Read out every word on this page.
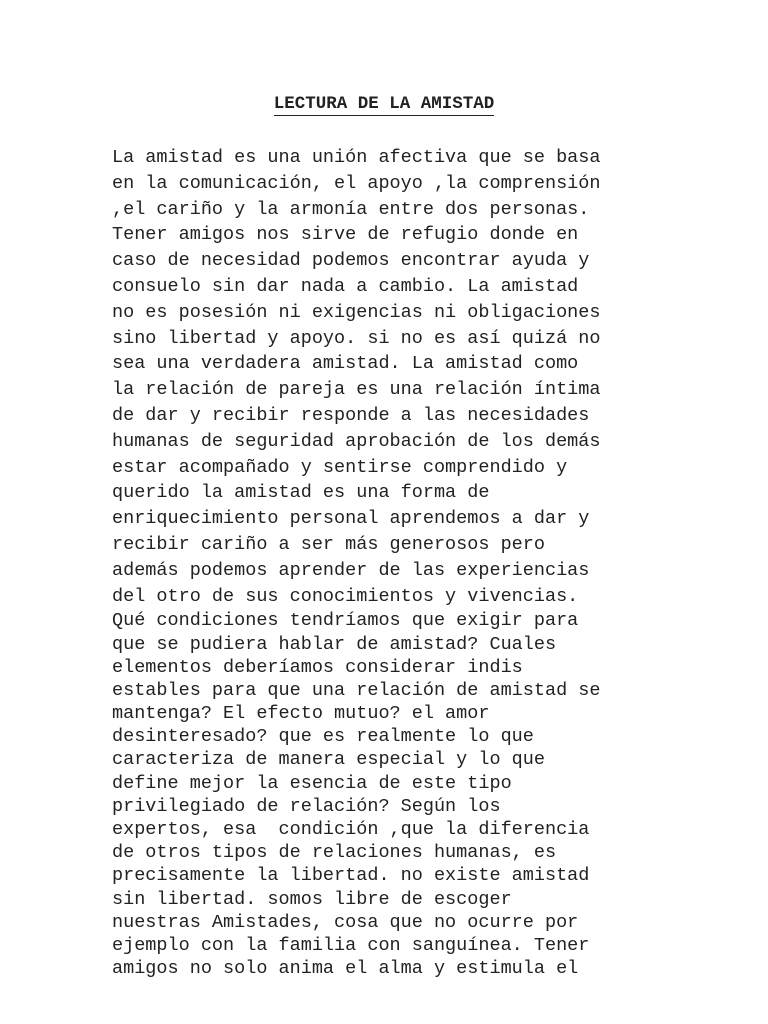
LECTURA DE LA AMISTAD
La amistad es una unión afectiva que se basa
en la comunicación, el apoyo ,la comprensión
,el cariño y la armonía entre dos personas.
Tener amigos nos sirve de refugio donde en
caso de necesidad podemos encontrar ayuda y
consuelo sin dar nada a cambio. La amistad
no es posesión ni exigencias ni obligaciones
sino libertad y apoyo. si no es así quizá no
sea una verdadera amistad. La amistad como
la relación de pareja es una relación íntima
de dar y recibir responde a las necesidades
humanas de seguridad aprobación de los demás
estar acompañado y sentirse comprendido y
querido la amistad es una forma de
enriquecimiento personal aprendemos a dar y
recibir cariño a ser más generosos pero
además podemos aprender de las experiencias
del otro de sus conocimientos y vivencias.
Qué condiciones tendríamos que exigir para
que se pudiera hablar de amistad? Cuales
elementos deberíamos considerar indis
estables para que una relación de amistad se
mantenga? El efecto mutuo? el amor
desinteresado? que es realmente lo que
caracteriza de manera especial y lo que
define mejor la esencia de este tipo
privilegiado de relación? Según los
expertos, esa  condición ,que la diferencia
de otros tipos de relaciones humanas, es
precisamente la libertad. no existe amistad
sin libertad. somos libre de escoger
nuestras Amistades, cosa que no ocurre por
ejemplo con la familia con sanguínea. Tener
amigos no solo anima el alma y estimula el
